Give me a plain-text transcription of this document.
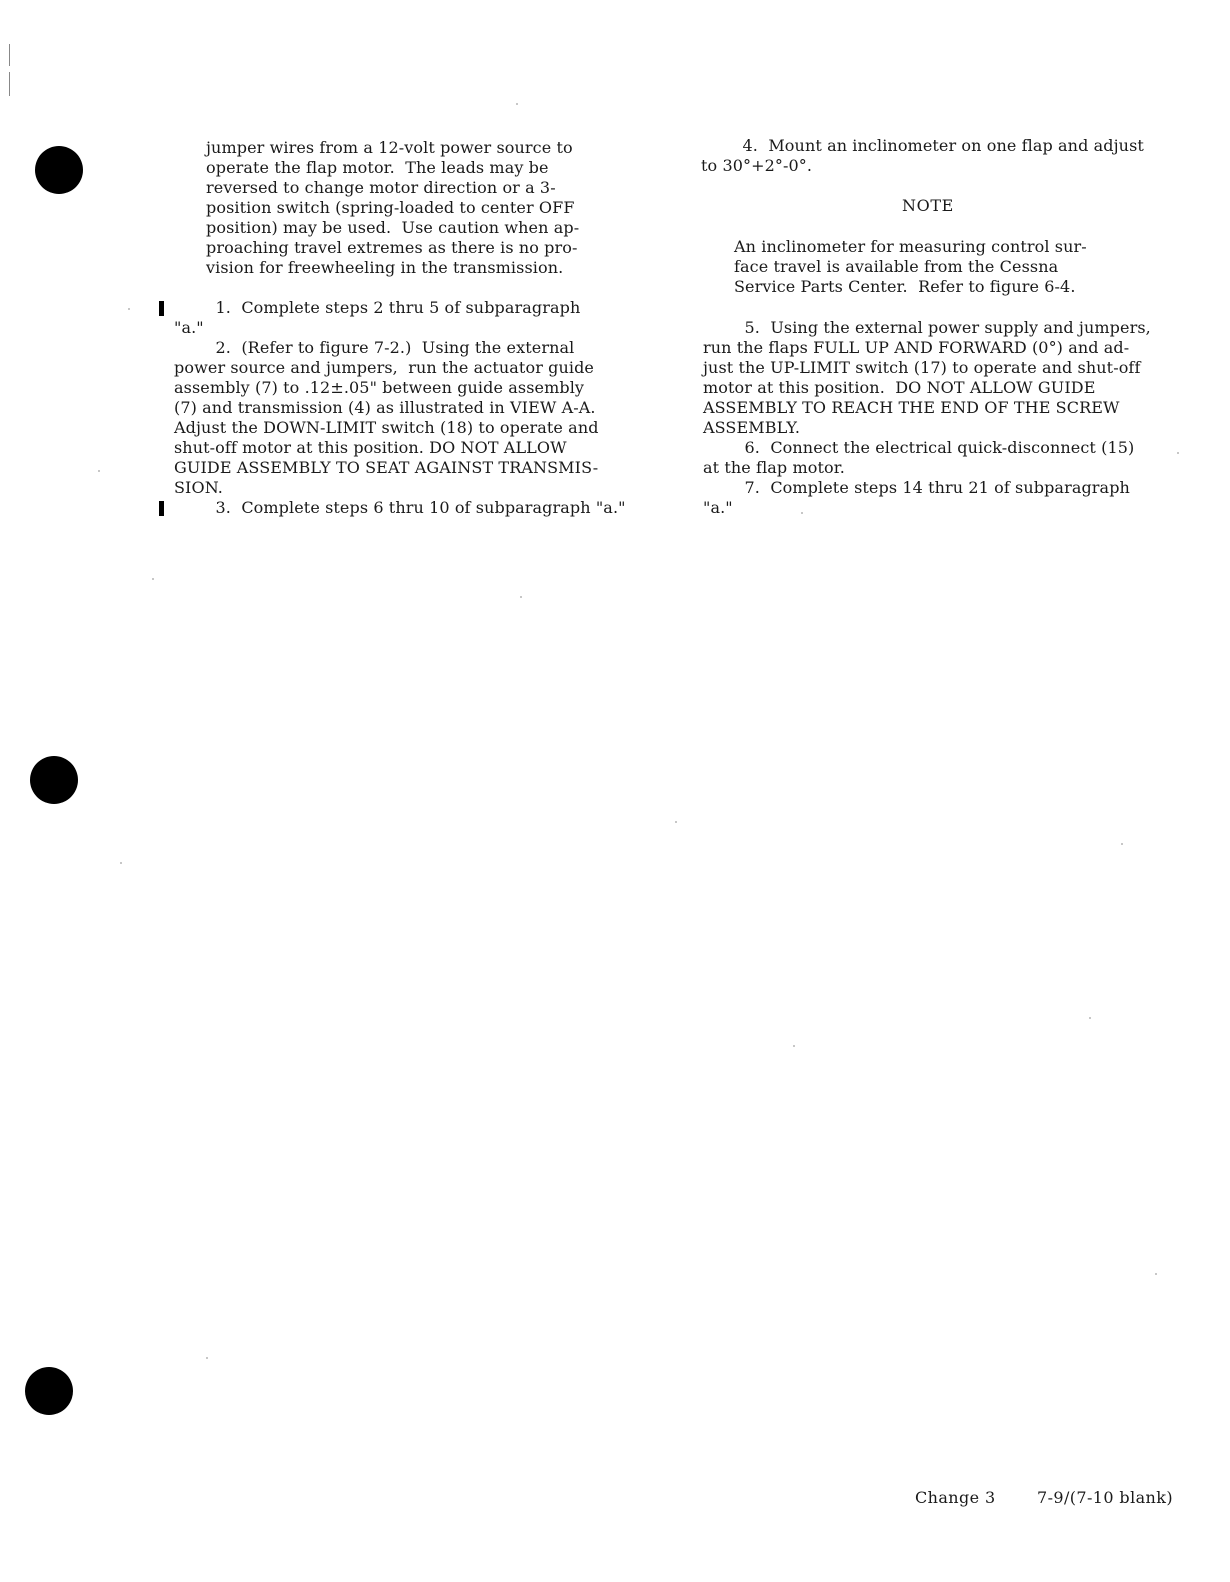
jumper wires from a 12-volt power source to
operate the flap motor.  The leads may be
reversed to change motor direction or a 3-
position switch (spring-loaded to center OFF
position) may be used.  Use caution when ap-
proaching travel extremes as there is no pro-
vision for freewheeling in the transmission.
1.  Complete steps 2 thru 5 of subparagraph
"a."
2.  (Refer to figure 7-2.)  Using the external
power source and jumpers,  run the actuator guide
assembly (7) to .12±.05" between guide assembly
(7) and transmission (4) as illustrated in VIEW A-A.
Adjust the DOWN-LIMIT switch (18) to operate and
shut-off motor at this position. DO NOT ALLOW
GUIDE ASSEMBLY TO SEAT AGAINST TRANSMIS-
SION.
3.  Complete steps 6 thru 10 of subparagraph "a."
4.  Mount an inclinometer on one flap and adjust
to 30°+2°-0°.
NOTE
An inclinometer for measuring control sur-
face travel is available from the Cessna
Service Parts Center.  Refer to figure 6-4.
5.  Using the external power supply and jumpers,
run the flaps FULL UP AND FORWARD (0°) and ad-
just the UP-LIMIT switch (17) to operate and shut-off
motor at this position.  DO NOT ALLOW GUIDE
ASSEMBLY TO REACH THE END OF THE SCREW
ASSEMBLY.
6.  Connect the electrical quick-disconnect (15)
at the flap motor.
7.  Complete steps 14 thru 21 of subparagraph
"a."
Change 3	7-9/(7-10 blank)
